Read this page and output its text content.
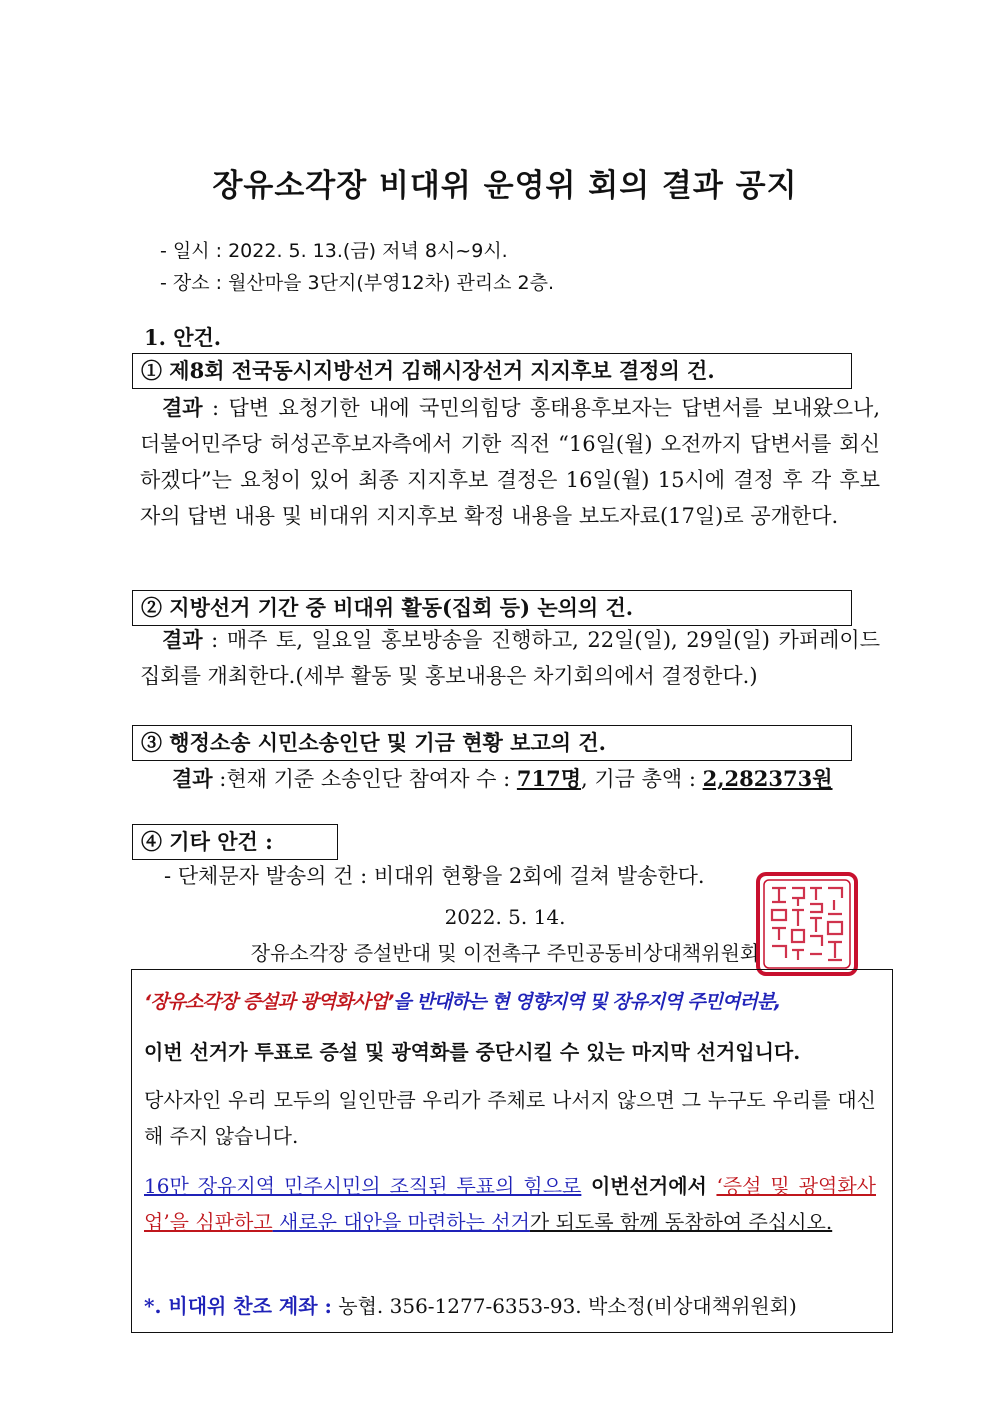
장유소각장 비대위 운영위 회의 결과 공지
- 일시 : 2022. 5. 13.(금) 저녁 8시~9시.
- 장소 : 월산마을 3단지(부영12차) 관리소 2층.
1. 안건.
① 제8회 전국동시지방선거 김해시장선거 지지후보 결정의 건.
결과 : 답변 요청기한 내에 국민의힘당 홍태용후보자는 답변서를 보내왔으나, 더불어민주당 허성곤후보자측에서 기한 직전 “16일(월) 오전까지 답변서를 회신하겠다”는 요청이 있어 최종 지지후보 결정은 16일(월) 15시에 결정 후 각 후보자의 답변 내용 및 비대위 지지후보 확정 내용을 보도자료(17일)로 공개한다.
② 지방선거 기간 중 비대위 활동(집회 등) 논의의 건.
결과 : 매주 토, 일요일 홍보방송을 진행하고, 22일(일), 29일(일) 카퍼레이드 집회를 개최한다.(세부 활동 및 홍보내용은 차기회의에서 결정한다.)
③ 행정소송 시민소송인단 및 기금 현황 보고의 건.
결과 :현재 기준 소송인단 참여자 수 : 717명, 기금 총액 : 2,282373원
④ 기타 안건 :
- 단체문자 발송의 건 : 비대위 현황을 2회에 걸쳐 발송한다.
2022. 5. 14.
장유소각장 증설반대 및 이전촉구 주민공동비상대책위원회
‘장유소각장 증설과 광역화사업’을 반대하는 현 영향지역 및 장유지역 주민여러분,
이번 선거가 투표로 증설 및 광역화를 중단시킬 수 있는 마지막 선거입니다.
당사자인 우리 모두의 일인만큼 우리가 주체로 나서지 않으면 그 누구도 우리를 대신해 주지 않습니다.
16만 장유지역 민주시민의 조직된 투표의 힘으로 이번선거에서 ‘증설 및 광역화사업’을 심판하고 새로운 대안을 마련하는 선거가 되도록 함께 동참하여 주십시오.
*. 비대위 찬조 계좌 : 농협. 356-1277-6353-93. 박소정(비상대책위원회)
